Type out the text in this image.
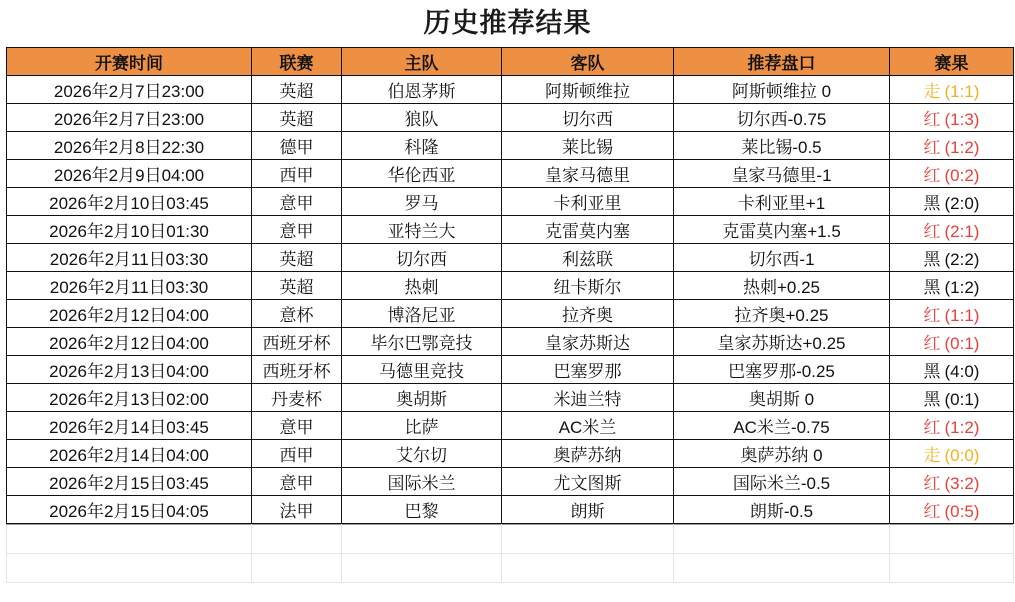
历史推荐结果
开赛时间	联赛	主队	客队	推荐盘口	赛果
2026年2月7日23:00	英超	伯恩茅斯	阿斯顿维拉	阿斯顿维拉 0	走 (1:1)
2026年2月7日23:00	英超	狼队	切尔西	切尔西-0.75	红 (1:3)
2026年2月8日22:30	德甲	科隆	莱比锡	莱比锡-0.5	红 (1:2)
2026年2月9日04:00	西甲	华伦西亚	皇家马德里	皇家马德里-1	红 (0:2)
2026年2月10日03:45	意甲	罗马	卡利亚里	卡利亚里+1	黑 (2:0)
2026年2月10日01:30	意甲	亚特兰大	克雷莫内塞	克雷莫内塞+1.5	红 (2:1)
2026年2月11日03:30	英超	切尔西	利兹联	切尔西-1	黑 (2:2)
2026年2月11日03:30	英超	热刺	纽卡斯尔	热刺+0.25	黑 (1:2)
2026年2月12日04:00	意杯	博洛尼亚	拉齐奥	拉齐奥+0.25	红 (1:1)
2026年2月12日04:00	西班牙杯	毕尔巴鄂竞技	皇家苏斯达	皇家苏斯达+0.25	红 (0:1)
2026年2月13日04:00	西班牙杯	马德里竞技	巴塞罗那	巴塞罗那-0.25	黑 (4:0)
2026年2月13日02:00	丹麦杯	奥胡斯	米迪兰特	奥胡斯 0	黑 (0:1)
2026年2月14日03:45	意甲	比萨	AC米兰	AC米兰-0.75	红 (1:2)
2026年2月14日04:00	西甲	艾尔切	奥萨苏纳	奥萨苏纳 0	走 (0:0)
2026年2月15日03:45	意甲	国际米兰	尤文图斯	国际米兰-0.5	红 (3:2)
2026年2月15日04:05	法甲	巴黎	朗斯	朗斯-0.5	红 (0:5)
